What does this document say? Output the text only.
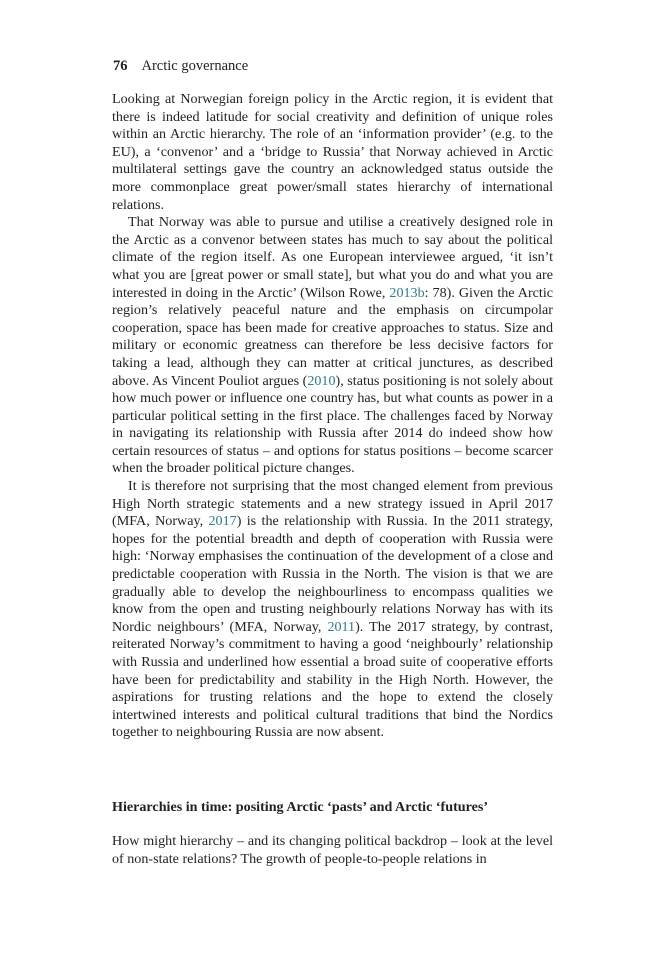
76 Arctic governance

Looking at Norwegian foreign policy in the Arctic region, it is evident that there is indeed latitude for social creativity and definition of unique roles within an Arctic hierarchy. The role of an ‘information provider’ (e.g. to the EU), a ‘convenor’ and a ‘bridge to Russia’ that Norway achieved in Arctic multilateral settings gave the country an acknowledged status outside the more commonplace great power/small states hierarchy of international relations.

That Norway was able to pursue and utilise a creatively designed role in the Arctic as a convenor between states has much to say about the political climate of the region itself. As one European interviewee argued, ‘it isn’t what you are [great power or small state], but what you do and what you are interested in doing in the Arctic’ (Wilson Rowe, 2013b: 78). Given the Arctic region’s relatively peaceful nature and the emphasis on circumpolar cooperation, space has been made for creative approaches to status. Size and military or economic greatness can therefore be less decisive factors for taking a lead, although they can matter at critical junctures, as described above. As Vincent Pouliot argues (2010), status positioning is not solely about how much power or influence one country has, but what counts as power in a particular political setting in the first place. The challenges faced by Norway in navigating its relationship with Russia after 2014 do indeed show how certain resources of status – and options for status positions – become scarcer when the broader political picture changes.

It is therefore not surprising that the most changed element from previous High North strategic statements and a new strategy issued in April 2017 (MFA, Norway, 2017) is the relationship with Russia. In the 2011 strategy, hopes for the potential breadth and depth of cooperation with Russia were high: ‘Norway emphasises the continuation of the development of a close and predictable cooperation with Russia in the North. The vision is that we are gradually able to develop the neighbourliness to encompass qualities we know from the open and trusting neighbourly relations Norway has with its Nordic neighbours’ (MFA, Norway, 2011). The 2017 strategy, by contrast, reiterated Norway’s commitment to having a good ‘neighbourly’ relationship with Russia and underlined how essential a broad suite of cooperative efforts have been for predictability and stability in the High North. However, the aspirations for trusting relations and the hope to extend the closely intertwined interests and political cultural traditions that bind the Nordics together to neighbouring Russia are now absent.

Hierarchies in time: positing Arctic ‘pasts’ and Arctic ‘futures’

How might hierarchy – and its changing political backdrop – look at the level of non-state relations? The growth of people-to-people relations in
